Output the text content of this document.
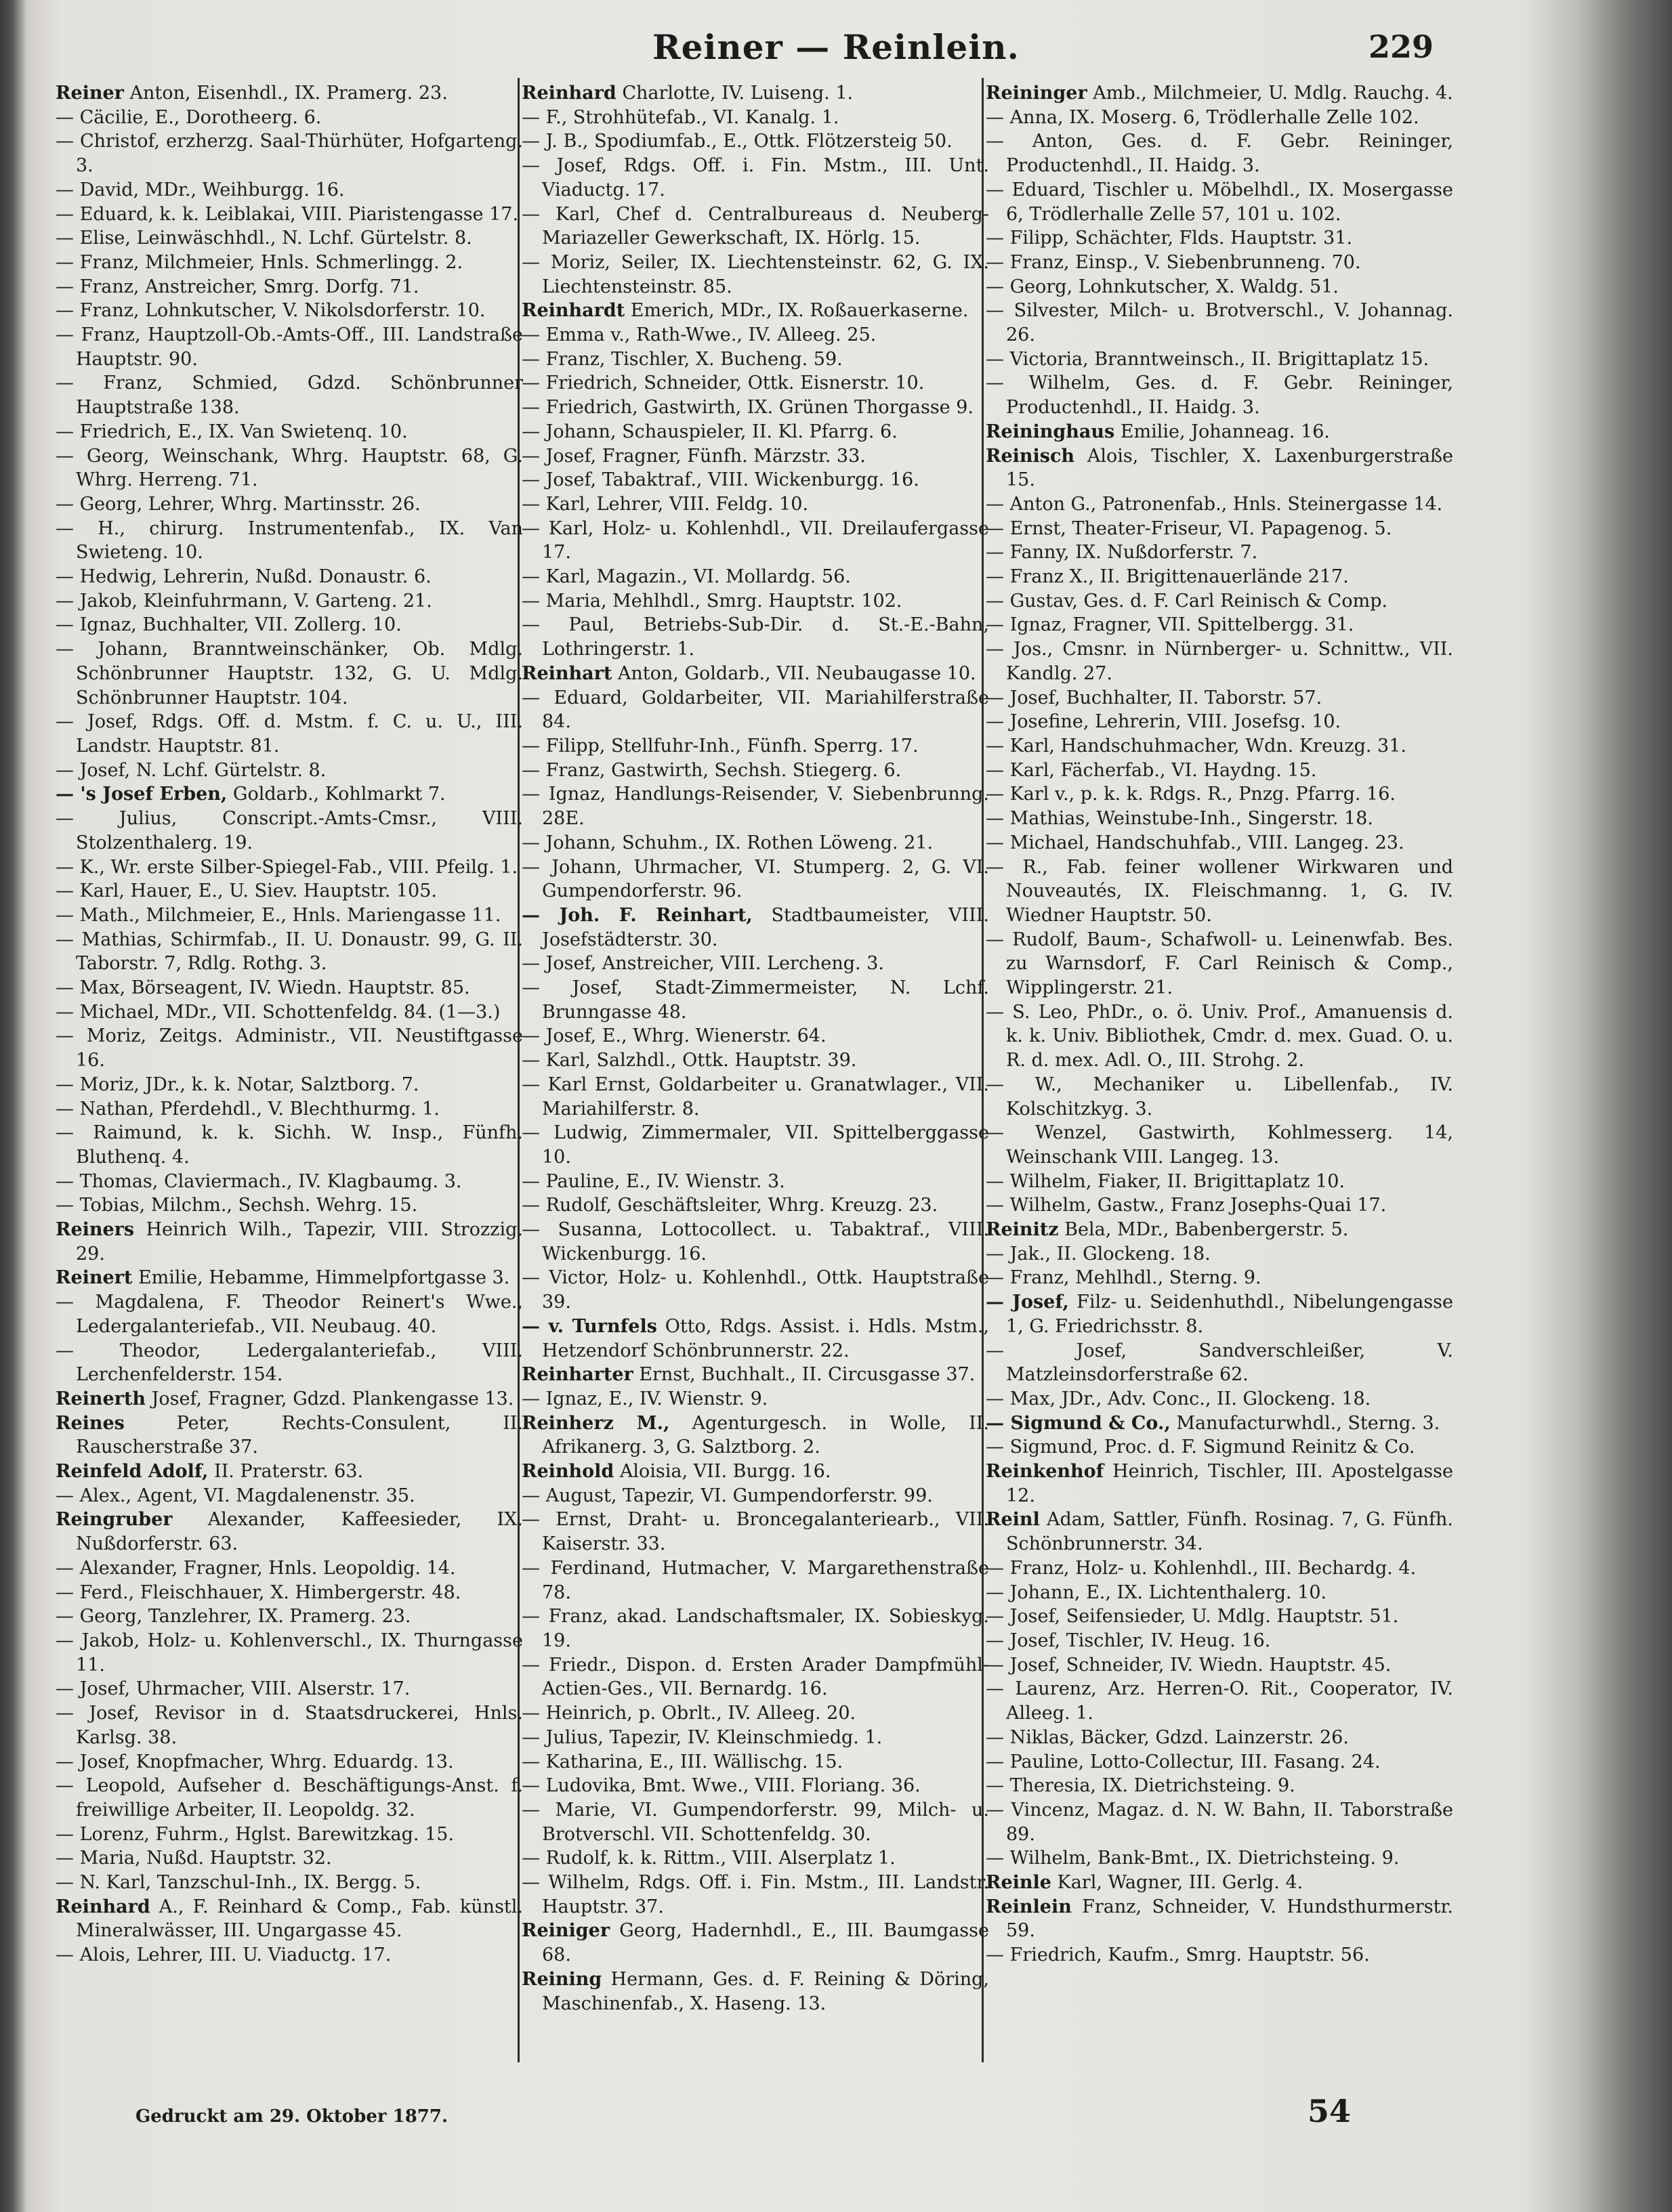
Reiner — Reinlein.	229

Reiner Anton, Eisenhdl., IX. Pramerg. 23.

— Cäcilie, E., Dorotheerg. 6.

— Christof, erzherzg. Saal-Thürhüter, Hofgarteng. 3.

— David, MDr., Weihburgg. 16.

— Eduard, k. k. Leiblakai, VIII. Piaristengasse 17.

— Elise, Leinwäschhdl., N. Lchf. Gürtelstr. 8.

— Franz, Milchmeier, Hnls. Schmerlingg. 2.

— Franz, Anstreicher, Smrg. Dorfg. 71.

— Franz, Lohnkutscher, V. Nikolsdorferstr. 10.

— Franz, Hauptzoll-Ob.-Amts-Off., III. Landstraße Hauptstr. 90.

— Franz, Schmied, Gdzd. Schönbrunner Hauptstraße 138.

— Friedrich, E., IX. Van Swietenq. 10.

— Georg, Weinschank, Whrg. Hauptstr. 68, G. Whrg. Herreng. 71.

— Georg, Lehrer, Whrg. Martinsstr. 26.

— H., chirurg. Instrumentenfab., IX. Van Swieteng. 10.

— Hedwig, Lehrerin, Nußd. Donaustr. 6.

— Jakob, Kleinfuhrmann, V. Garteng. 21.

— Ignaz, Buchhalter, VII. Zollerg. 10.

— Johann, Branntweinschänker, Ob. Mdlg. Schönbrunner Hauptstr. 132, G. U. Mdlg. Schönbrunner Hauptstr. 104.

— Josef, Rdgs. Off. d. Mstm. f. C. u. U., III. Landstr. Hauptstr. 81.

— Josef, N. Lchf. Gürtelstr. 8.

— 's Josef Erben, Goldarb., Kohlmarkt 7.

— Julius, Conscript.-Amts-Cmsr., VIII. Stolzenthalerg. 19.

— K., Wr. erste Silber-Spiegel-Fab., VIII. Pfeilg. 1.

— Karl, Hauer, E., U. Siev. Hauptstr. 105.

— Math., Milchmeier, E., Hnls. Mariengasse 11.

— Mathias, Schirmfab., II. U. Donaustr. 99, G. II. Taborstr. 7, Rdlg. Rothg. 3.

— Max, Börseagent, IV. Wiedn. Hauptstr. 85.

— Michael, MDr., VII. Schottenfeldg. 84. (1—3.)

— Moriz, Zeitgs. Administr., VII. Neustiftgasse 16.

— Moriz, JDr., k. k. Notar, Salztborg. 7.

— Nathan, Pferdehdl., V. Blechthurmg. 1.

— Raimund, k. k. Sichh. W. Insp., Fünfh. Bluthenq. 4.

— Thomas, Claviermach., IV. Klagbaumg. 3.

— Tobias, Milchm., Sechsh. Wehrg. 15.

Reiners Heinrich Wilh., Tapezir, VIII. Strozzig. 29.

Reinert Emilie, Hebamme, Himmelpfortgasse 3.

— Magdalena, F. Theodor Reinert's Wwe., Ledergalanteriefab., VII. Neubaug. 40.

— Theodor, Ledergalanteriefab., VIII. Lerchenfelderstr. 154.

Reinerth Josef, Fragner, Gdzd. Plankengasse 13.

Reines Peter, Rechts-Consulent, II. Rauscherstraße 37.

Reinfeld Adolf, II. Praterstr. 63.

— Alex., Agent, VI. Magdalenenstr. 35.

Reingruber Alexander, Kaffeesieder, IX. Nußdorferstr. 63.

— Alexander, Fragner, Hnls. Leopoldig. 14.

— Ferd., Fleischhauer, X. Himbergerstr. 48.

— Georg, Tanzlehrer, IX. Pramerg. 23.

— Jakob, Holz- u. Kohlenverschl., IX. Thurngasse 11.

— Josef, Uhrmacher, VIII. Alserstr. 17.

— Josef, Revisor in d. Staatsdruckerei, Hnls. Karlsg. 38.

— Josef, Knopfmacher, Whrg. Eduardg. 13.

— Leopold, Aufseher d. Beschäftigungs-Anst. f. freiwillige Arbeiter, II. Leopoldg. 32.

— Lorenz, Fuhrm., Hglst. Barewitzkag. 15.

— Maria, Nußd. Hauptstr. 32.

— N. Karl, Tanzschul-Inh., IX. Bergg. 5.

Reinhard A., F. Reinhard & Comp., Fab. künstl. Mineralwässer, III. Ungargasse 45.

— Alois, Lehrer, III. U. Viaductg. 17.

Reinhard Charlotte, IV. Luiseng. 1.

— F., Strohhütefab., VI. Kanalg. 1.

— J. B., Spodiumfab., E., Ottk. Flötzersteig 50.

— Josef, Rdgs. Off. i. Fin. Mstm., III. Unt. Viaductg. 17.

— Karl, Chef d. Centralbureaus d. Neuberg-Mariazeller Gewerkschaft, IX. Hörlg. 15.

— Moriz, Seiler, IX. Liechtensteinstr. 62, G. IX. Liechtensteinstr. 85.

Reinhardt Emerich, MDr., IX. Roßauerkaserne.

— Emma v., Rath-Wwe., IV. Alleeg. 25.

— Franz, Tischler, X. Bucheng. 59.

— Friedrich, Schneider, Ottk. Eisnerstr. 10.

— Friedrich, Gastwirth, IX. Grünen Thorgasse 9.

— Johann, Schauspieler, II. Kl. Pfarrg. 6.

— Josef, Fragner, Fünfh. Märzstr. 33.

— Josef, Tabaktraf., VIII. Wickenburgg. 16.

— Karl, Lehrer, VIII. Feldg. 10.

— Karl, Holz- u. Kohlenhdl., VII. Dreilaufergasse 17.

— Karl, Magazin., VI. Mollardg. 56.

— Maria, Mehlhdl., Smrg. Hauptstr. 102.

— Paul, Betriebs-Sub-Dir. d. St.-E.-Bahn, Lothringerstr. 1.

Reinhart Anton, Goldarb., VII. Neubaugasse 10.

— Eduard, Goldarbeiter, VII. Mariahilferstraße 84.

— Filipp, Stellfuhr-Inh., Fünfh. Sperrg. 17.

— Franz, Gastwirth, Sechsh. Stiegerg. 6.

— Ignaz, Handlungs-Reisender, V. Siebenbrunng. 28E.

— Johann, Schuhm., IX. Rothen Löweng. 21.

— Johann, Uhrmacher, VI. Stumperg. 2, G. VI. Gumpendorferstr. 96.

— Joh. F. Reinhart, Stadtbaumeister, VIII. Josefstädterstr. 30.

— Josef, Anstreicher, VIII. Lercheng. 3.

— Josef, Stadt-Zimmermeister, N. Lchf. Brunngasse 48.

— Josef, E., Whrg. Wienerstr. 64.

— Karl, Salzhdl., Ottk. Hauptstr. 39.

— Karl Ernst, Goldarbeiter u. Granatwlager., VII. Mariahilferstr. 8.

— Ludwig, Zimmermaler, VII. Spittelberggasse 10.

— Pauline, E., IV. Wienstr. 3.

— Rudolf, Geschäftsleiter, Whrg. Kreuzg. 23.

— Susanna, Lottocollect. u. Tabaktraf., VIII. Wickenburgg. 16.

— Victor, Holz- u. Kohlenhdl., Ottk. Hauptstraße 39.

— v. Turnfels Otto, Rdgs. Assist. i. Hdls. Mstm., Hetzendorf Schönbrunnerstr. 22.

Reinharter Ernst, Buchhalt., II. Circusgasse 37.

— Ignaz, E., IV. Wienstr. 9.

Reinherz M., Agenturgesch. in Wolle, II. Afrikanerg. 3, G. Salztborg. 2.

Reinhold Aloisia, VII. Burgg. 16.

— August, Tapezir, VI. Gumpendorferstr. 99.

— Ernst, Draht- u. Broncegalanteriearb., VII. Kaiserstr. 33.

— Ferdinand, Hutmacher, V. Margarethenstraße 78.

— Franz, akad. Landschaftsmaler, IX. Sobieskyg. 19.

— Friedr., Dispon. d. Ersten Arader Dampfmühl-Actien-Ges., VII. Bernardg. 16.

— Heinrich, p. Obrlt., IV. Alleeg. 20.

— Julius, Tapezir, IV. Kleinschmiedg. 1.

— Katharina, E., III. Wällischg. 15.

— Ludovika, Bmt. Wwe., VIII. Floriang. 36.

— Marie, VI. Gumpendorferstr. 99, Milch- u. Brotverschl. VII. Schottenfeldg. 30.

— Rudolf, k. k. Rittm., VIII. Alserplatz 1.

— Wilhelm, Rdgs. Off. i. Fin. Mstm., III. Landstr. Hauptstr. 37.

Reiniger Georg, Hadernhdl., E., III. Baumgasse 68.

Reining Hermann, Ges. d. F. Reining & Döring, Maschinenfab., X. Haseng. 13.

Reininger Amb., Milchmeier, U. Mdlg. Rauchg. 4.

— Anna, IX. Moserg. 6, Trödlerhalle Zelle 102.

— Anton, Ges. d. F. Gebr. Reininger, Productenhdl., II. Haidg. 3.

— Eduard, Tischler u. Möbelhdl., IX. Mosergasse 6, Trödlerhalle Zelle 57, 101 u. 102.

— Filipp, Schächter, Flds. Hauptstr. 31.

— Franz, Einsp., V. Siebenbrunneng. 70.

— Georg, Lohnkutscher, X. Waldg. 51.

— Silvester, Milch- u. Brotverschl., V. Johannag. 26.

— Victoria, Branntweinsch., II. Brigittaplatz 15.

— Wilhelm, Ges. d. F. Gebr. Reininger, Productenhdl., II. Haidg. 3.

Reininghaus Emilie, Johanneag. 16.

Reinisch Alois, Tischler, X. Laxenburgerstraße 15.

— Anton G., Patronenfab., Hnls. Steinergasse 14.

— Ernst, Theater-Friseur, VI. Papagenog. 5.

— Fanny, IX. Nußdorferstr. 7.

— Franz X., II. Brigittenauerlände 217.

— Gustav, Ges. d. F. Carl Reinisch & Comp.

— Ignaz, Fragner, VII. Spittelbergg. 31.

— Jos., Cmsnr. in Nürnberger- u. Schnittw., VII. Kandlg. 27.

— Josef, Buchhalter, II. Taborstr. 57.

— Josefine, Lehrerin, VIII. Josefsg. 10.

— Karl, Handschuhmacher, Wdn. Kreuzg. 31.

— Karl, Fächerfab., VI. Haydng. 15.

— Karl v., p. k. k. Rdgs. R., Pnzg. Pfarrg. 16.

— Mathias, Weinstube-Inh., Singerstr. 18.

— Michael, Handschuhfab., VIII. Langeg. 23.

— R., Fab. feiner wollener Wirkwaren und Nouveautés, IX. Fleischmanng. 1, G. IV. Wiedner Hauptstr. 50.

— Rudolf, Baum-, Schafwoll- u. Leinenwfab. Bes. zu Warnsdorf, F. Carl Reinisch & Comp., Wipplingerstr. 21.

— S. Leo, PhDr., o. ö. Univ. Prof., Amanuensis d. k. k. Univ. Bibliothek, Cmdr. d. mex. Guad. O. u. R. d. mex. Adl. O., III. Strohg. 2.

— W., Mechaniker u. Libellenfab., IV. Kolschitzkyg. 3.

— Wenzel, Gastwirth, Kohlmesserg. 14, Weinschank VIII. Langeg. 13.

— Wilhelm, Fiaker, II. Brigittaplatz 10.

— Wilhelm, Gastw., Franz Josephs-Quai 17.

Reinitz Bela, MDr., Babenbergerstr. 5.

— Jak., II. Glockeng. 18.

— Franz, Mehlhdl., Sterng. 9.

— Josef, Filz- u. Seidenhuthdl., Nibelungengasse 1, G. Friedrichsstr. 8.

— Josef, Sandverschleißer, V. Matzleinsdorferstraße 62.

— Max, JDr., Adv. Conc., II. Glockeng. 18.

— Sigmund & Co., Manufacturwhdl., Sterng. 3.

— Sigmund, Proc. d. F. Sigmund Reinitz & Co.

Reinkenhof Heinrich, Tischler, III. Apostelgasse 12.

Reinl Adam, Sattler, Fünfh. Rosinag. 7, G. Fünfh. Schönbrunnerstr. 34.

— Franz, Holz- u. Kohlenhdl., III. Bechardg. 4.

— Johann, E., IX. Lichtenthalerg. 10.

— Josef, Seifensieder, U. Mdlg. Hauptstr. 51.

— Josef, Tischler, IV. Heug. 16.

— Josef, Schneider, IV. Wiedn. Hauptstr. 45.

— Laurenz, Arz. Herren-O. Rit., Cooperator, IV. Alleeg. 1.

— Niklas, Bäcker, Gdzd. Lainzerstr. 26.

— Pauline, Lotto-Collectur, III. Fasang. 24.

— Theresia, IX. Dietrichsteing. 9.

— Vincenz, Magaz. d. N. W. Bahn, II. Taborstraße 89.

— Wilhelm, Bank-Bmt., IX. Dietrichsteing. 9.

Reinle Karl, Wagner, III. Gerlg. 4.

Reinlein Franz, Schneider, V. Hundsthurmerstr. 59.

— Friedrich, Kaufm., Smrg. Hauptstr. 56.

Gedruckt am 29. Oktober 1877.	54
